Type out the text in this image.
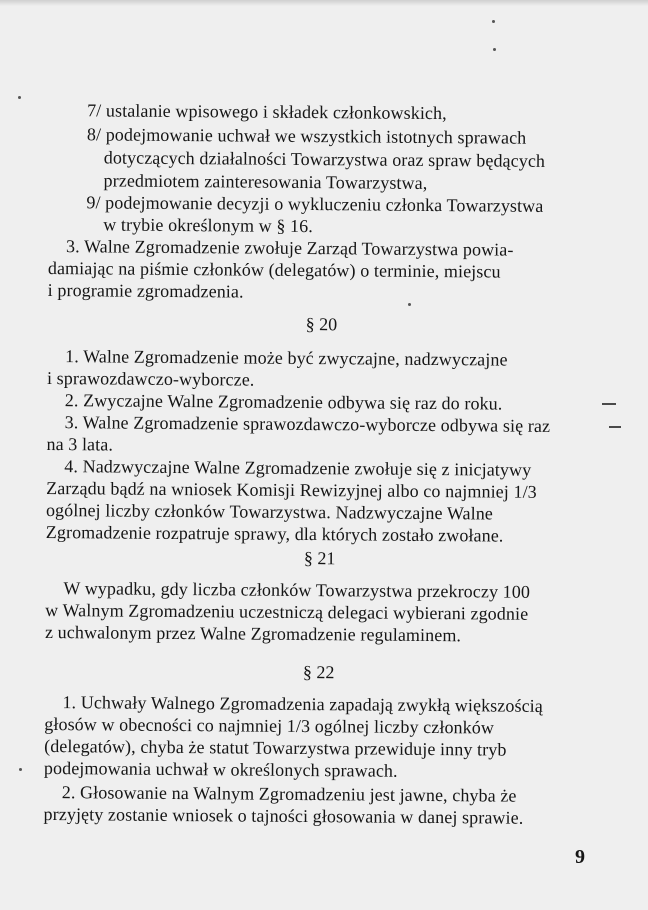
7/ ustalanie wpisowego i składek członkowskich,
8/ podejmowanie uchwał we wszystkich istotnych sprawach
dotyczących działalności Towarzystwa oraz spraw będących
przedmiotem zainteresowania Towarzystwa,
9/ podejmowanie decyzji o wykluczeniu członka Towarzystwa
w trybie określonym w § 16.
3. Walne Zgromadzenie zwołuje Zarząd Towarzystwa powia-
damiając na piśmie członków (delegatów) o terminie, miejscu
i programie zgromadzenia.
§ 20
1. Walne Zgromadzenie może być zwyczajne, nadzwyczajne
i sprawozdawczo-wyborcze.
2. Zwyczajne Walne Zgromadzenie odbywa się raz do roku.
3. Walne Zgromadzenie sprawozdawczo-wyborcze odbywa się raz
na 3 lata.
4. Nadzwyczajne Walne Zgromadzenie zwołuje się z inicjatywy
Zarządu bądź na wniosek Komisji Rewizyjnej albo co najmniej 1/3
ogólnej liczby członków Towarzystwa. Nadzwyczajne Walne
Zgromadzenie rozpatruje sprawy, dla których zostało zwołane.
§ 21
W wypadku, gdy liczba członków Towarzystwa przekroczy 100
w Walnym Zgromadzeniu uczestniczą delegaci wybierani zgodnie
z uchwalonym przez Walne Zgromadzenie regulaminem.
§ 22
1. Uchwały Walnego Zgromadzenia zapadają zwykłą większością
głosów w obecności co najmniej 1/3 ogólnej liczby członków
(delegatów), chyba że statut Towarzystwa przewiduje inny tryb
podejmowania uchwał w określonych sprawach.
2. Głosowanie na Walnym Zgromadzeniu jest jawne, chyba że
przyjęty zostanie wniosek o tajności głosowania w danej sprawie.
9
